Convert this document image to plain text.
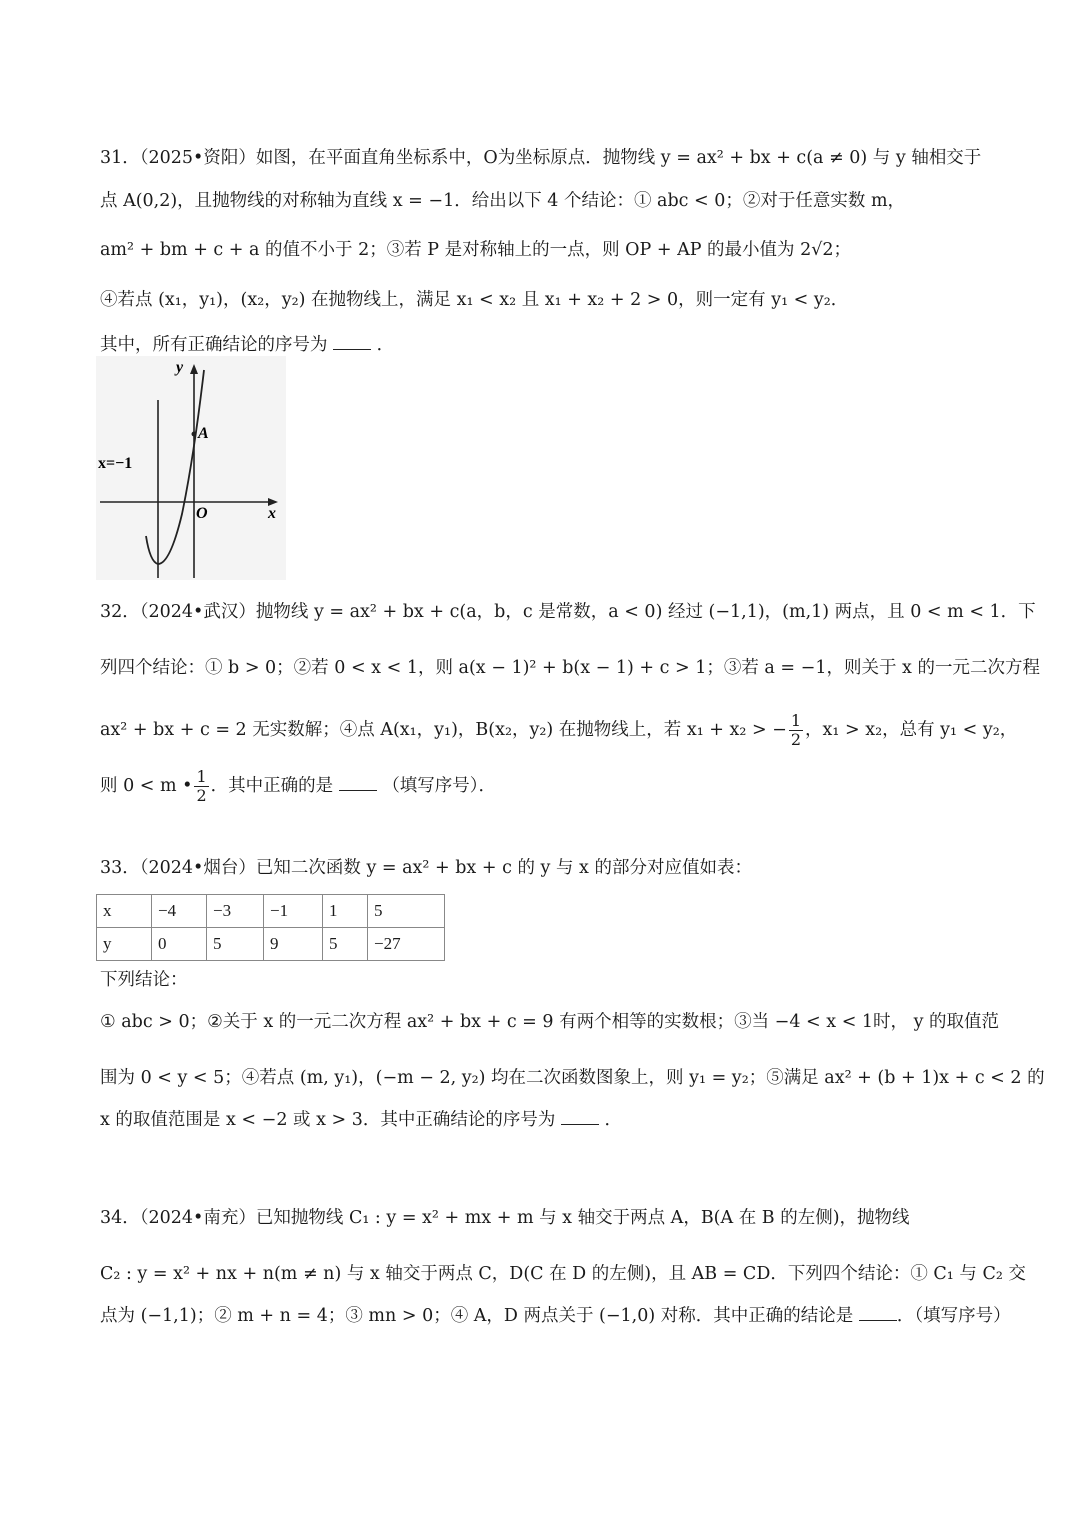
31．（2025•资阳）如图，在平面直角坐标系中，O为坐标原点．抛物线 y = ax² + bx + c(a ≠ 0) 与 y 轴相交于
点 A(0,2)，且抛物线的对称轴为直线 x = −1．给出以下 4 个结论：① abc < 0；②对于任意实数 m，
am² + bm + c + a 的值不小于 2；③若 P 是对称轴上的一点，则 OP + AP 的最小值为 2√2；
④若点 (x₁，y₁)，(x₂，y₂) 在抛物线上，满足 x₁ < x₂ 且 x₁ + x₂ + 2 > 0，则一定有 y₁ < y₂．
其中，所有正确结论的序号为	．
A
y
x
O
x=−1
32．（2024•武汉）抛物线 y = ax² + bx + c(a，b，c 是常数，a < 0) 经过 (−1,1)，(m,1) 两点，且 0 < m < 1．下
列四个结论：① b > 0；②若 0 < x < 1，则 a(x − 1)² + b(x − 1) + c > 1；③若 a = −1，则关于 x 的一元二次方程
ax² + bx + c = 2 无实数解；④点 A(x₁，y₁)，B(x₂，y₂) 在抛物线上，若 x₁ + x₂ > − $\frac{1}{2}$ ，x₁ > x₂，总有 y₁ < y₂，
则 0 < m • $\frac{1}{2}$ ．其中正确的是	（填写序号）．
33．（2024•烟台）已知二次函数 y = ax² + bx + c 的 y 与 x 的部分对应值如表：
x	−4	−3	−1	1	5
y	0	5	9	5	−27
下列结论：
① abc > 0；②关于 x 的一元二次方程 ax² + bx + c = 9 有两个相等的实数根；③当 −4 < x < 1时， y 的取值范
围为 0 < y < 5；④若点 (m, y₁)，(−m − 2, y₂) 均在二次函数图象上，则 y₁ = y₂；⑤满足 ax² + (b + 1)x + c < 2 的
x 的取值范围是 x < −2 或 x > 3．其中正确结论的序号为	．
34．（2024•南充）已知抛物线 C₁ : y = x² + mx + m 与 x 轴交于两点 A，B(A 在 B 的左侧)，抛物线
C₂ : y = x² + nx + n(m ≠ n) 与 x 轴交于两点 C，D(C 在 D 的左侧)，且 AB = CD．下列四个结论：① C₁ 与 C₂ 交
点为 (−1,1)；② m + n = 4；③ mn > 0；④ A，D 两点关于 (−1,0) 对称．其中正确的结论是 ．（填写序号）
